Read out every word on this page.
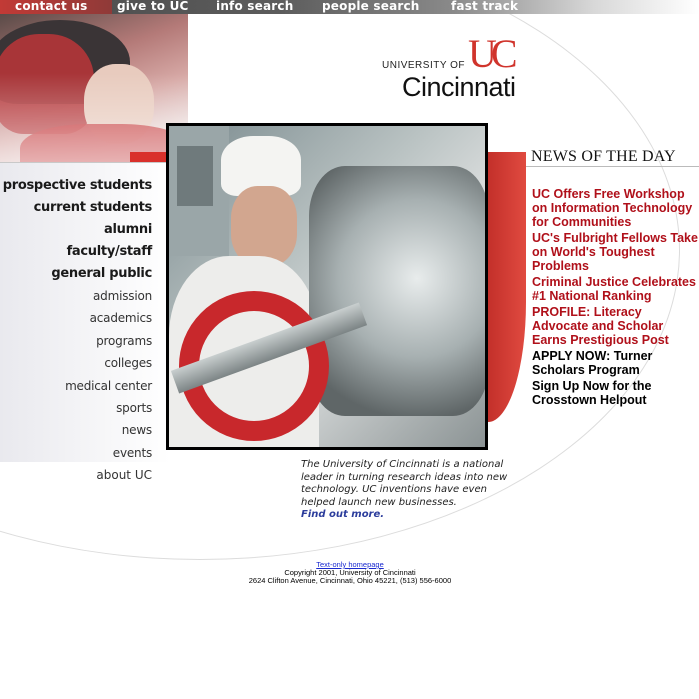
contact us give to UC info search people search	fast track
UC
UNIVERSITY OF
Cincinnati
NEWS OF THE DAY
UC Offers Free Workshop on Information Technology for Communities
UC's Fulbright Fellows Take on World's Toughest Problems
Criminal Justice Celebrates #1 National Ranking
PROFILE: Literacy Advocate and Scholar Earns Prestigious Post
APPLY NOW: Turner Scholars Program
Sign Up Now for the Crosstown Helpout
prospective students
current students
alumni
faculty/staff
general public
admission
academics
programs
colleges
medical center
sports
news
events
about UC
The University of Cincinnati is a national leader in turning research ideas into new technology. UC inventions have even helped launch new businesses.
Find out more.
Text-only homepage
Copyright 2001, University of Cincinnati
2624 Clifton Avenue, Cincinnati, Ohio 45221, (513) 556-6000
